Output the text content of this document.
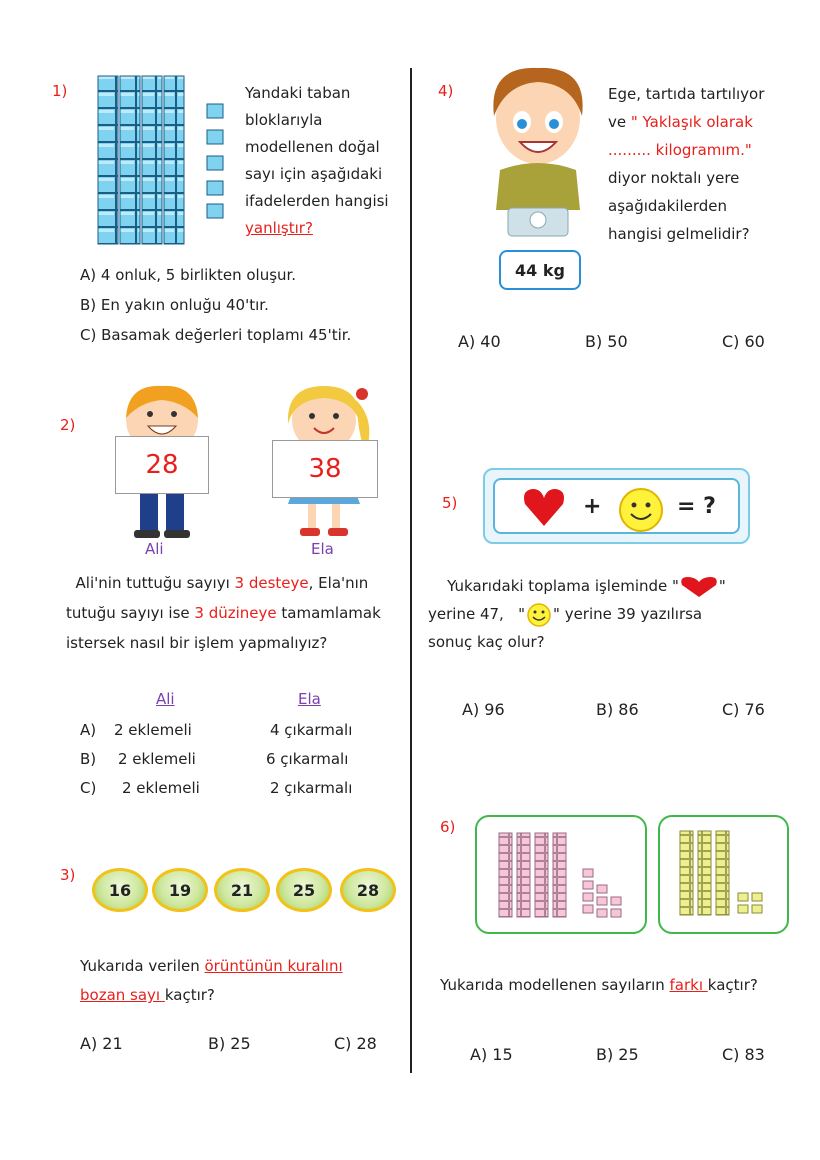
1)	Yandaki taban
bloklarıyla
modellenen doğal
sayı için aşağıdaki
ifadelerden hangisi
yanlıştır?
A) 4 onluk, 5 birlikten oluşur.
B) En yakın onluğu 40'tır.
C) Basamak değerleri toplamı 45'tir.
2)
28	38
Ali	Ela
Ali'nin tuttuğu sayıyı 3 desteye, Ela'nın
tutuğu sayıyı ise 3 düzineye tamamlamak
istersek nasıl bir işlem yapmalıyız?
Ali	Ela
A) 2 eklemeli	4 çıkarmalı
B) 2 eklemeli	6 çıkarmalı
C) 2 eklemeli	2 çıkarmalı
3)
16	19	21	25	28
Yukarıda verilen örüntünün kuralını
bozan sayı kaçtır?
A) 21	B) 25	C) 28
4)
44 kg
Ege, tartıda tartılıyor
ve " Yaklaşık olarak
......... kilogramım."
diyor noktalı yere
aşağıdakilerden
hangisi gelmelidir?
A) 40	B) 50	C) 60
5)	+	= ?
Yukarıdaki toplama işleminde "	"
yerine 47, " " yerine 39 yazılırsa
sonuç kaç olur?
A) 96	B) 86	C) 76
6)
Yukarıda modellenen sayıların farkı kaçtır?
A) 15	B) 25	C) 83
